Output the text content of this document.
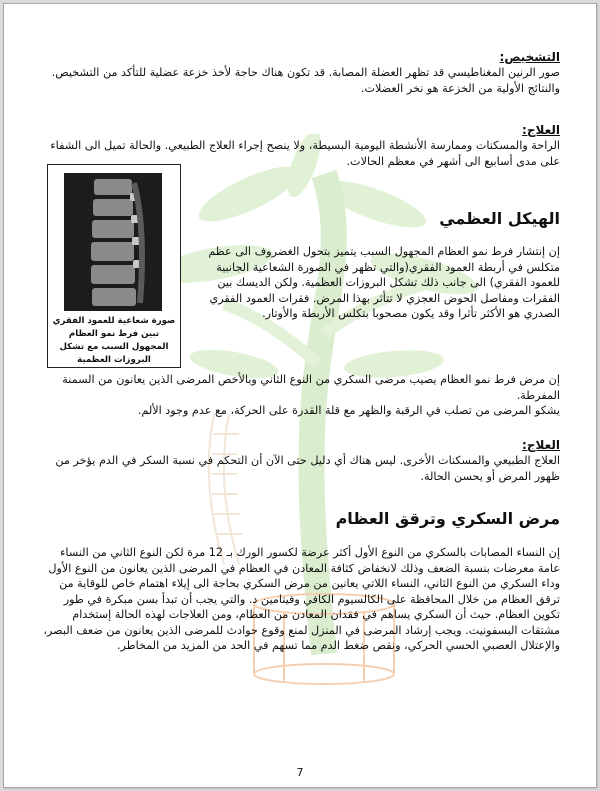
التشخيص:

صور الرنين المغناطيسي قد تظهر العضلة المصابة. قد تكون هناك حاجة لأخذ خزعة عضلية للتأكد من التشخيص. والنتائج الأولية من الخزعة هو نخر العضلات.

العلاج:

الراحة والمسكنات وممارسة الأنشطة اليومية البسيطة، ولا ينصح إجراء العلاج الطبيعي. والحالة تميل الى الشفاء على مدى أسابيع الى أشهر في معظم الحالات.

صورة شعاعية للعمود الفقري تبين فرط نمو العظام المجهول السبب مع تشكل البروزات العظمية
الهيكل العظمي

إن إنتشار فرط نمو العظام المجهول السبب يتميز بتحول الغضروف الى عظم متكلس في أربطة العمود الفقري(والتي تظهر في الصورة الشعاعية الجانبية للعمود الفقري) الى جانب ذلك تشكل البروزات العظمية. ولكن الديسك بين الفقرات ومفاصل الحوض العجزي لا تتأثر بهذا المرض. فقرات العمود الفقري الصدري هو الأكثر تأثرا وقد يكون مصحوبا بتكلس الأربطة والأوتار.

إن مرض فرط نمو العظام يصيب مرضى السكري من النوع الثاني وبالأخص المرضى الذين يعانون من السمنة المفرطة.

يشكو المرضى من تصلب في الرقبة والظهر مع قلة القدرة على الحركة، مع عدم وجود الألم.

العلاج:

العلاج الطبيعي والمسكنات الأخرى. ليس هناك أي دليل حتى الآن أن التحكم في نسبة السكر في الدم يؤخر من ظهور المرض أو يحسن الحالة.

مرض السكري وترقق العظام

إن النساء المصابات بالسكري من النوع الأول أكثر عرضة لكسور الورك بـ 12 مرة لكن النوع الثاني من النساء عامة معرضات بنسبة الضعف وذلك لانخفاض كثافة المعادن في العظام في المرضى الذين يعانون من النوع الأول وداء السكري من النوع الثاني، النساء اللاتي يعانين من مرض السكري بحاجة الى إيلاء اهتمام خاص للوقاية من ترقق العظام من خلال المحافظة على الكالسيوم الكافي وفيتامين د. والتي يجب أن تبدأ بسن مبكرة في طور تكوين العظام. حيث أن السكري يساهم في فقدان المعادن من العظام، ومن العلاجات لهذه الحالة إستخدام مشتقات البسفونيت. ويجب إرشاد المرضى في المنزل لمنع وقوع حوادث للمرضى الذين يعانون من ضعف البصر، والإعتلال العصبي الحسي الحركي، ونقص ضغط الدم مما تسهم في الحد من المزيد من المخاطر.

7
